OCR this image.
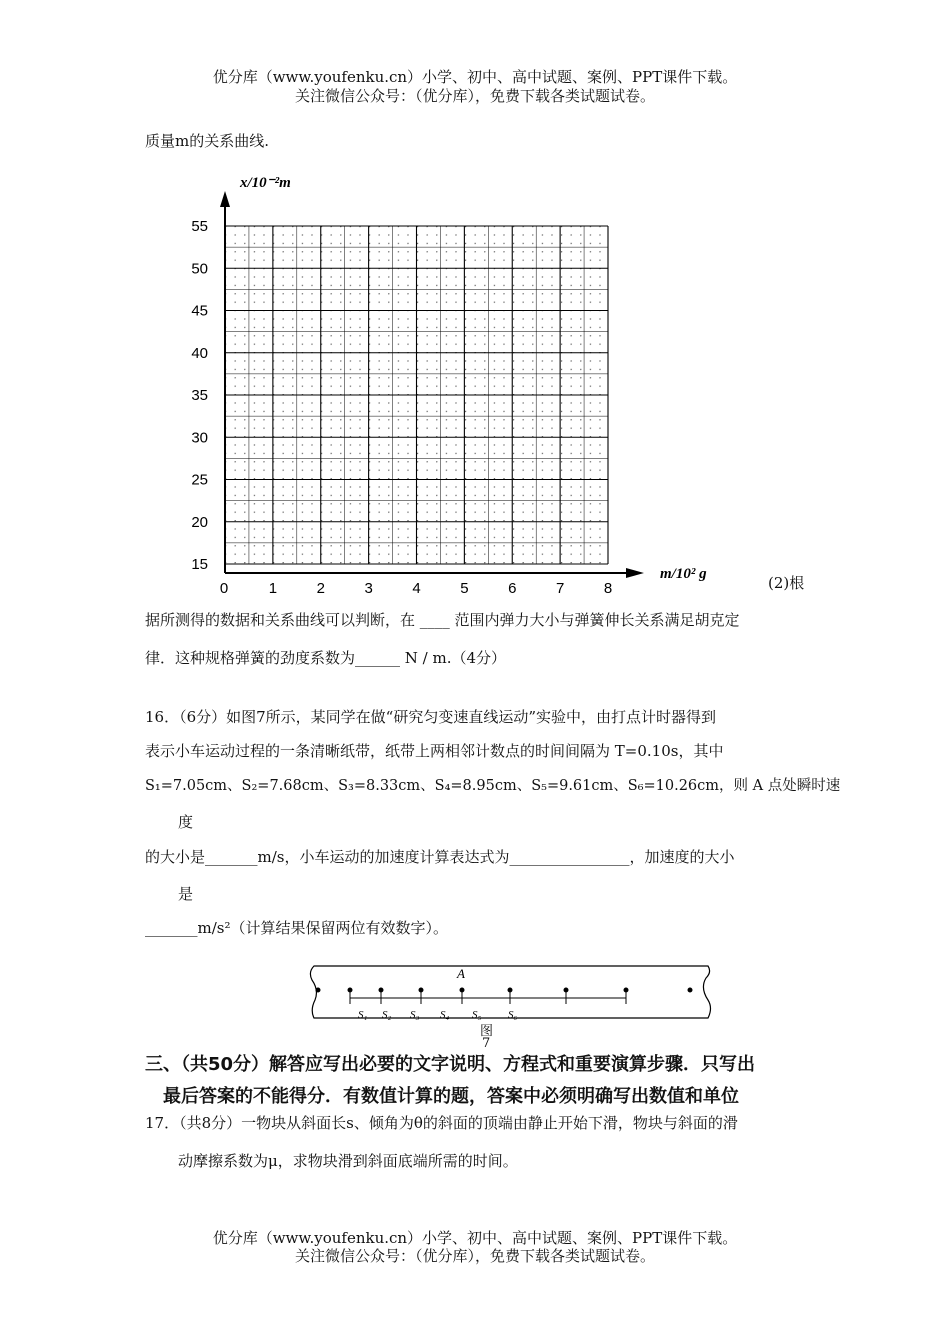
优分库（www.youfenku.cn）小学、初中、高中试题、案例、PPT课件下载。
关注微信公众号：（优分库），免费下载各类试题试卷。
质量m的关系曲线.
15
20
25
30
35
40
45
50
55
0	1	2	3	4	5	6	7	8
x/10⁻²m
m/10² g	(2)根
据所测得的数据和关系曲线可以判断，在 ____ 范围内弹力大小与弹簧伸长关系满足胡克定
律．这种规格弹簧的劲度系数为______ N / m.（4分）
16．（6分）如图7所示，某同学在做“研究匀变速直线运动”实验中，由打点计时器得到
表示小车运动过程的一条清晰纸带，纸带上两相邻计数点的时间间隔为 T=0.10s，其中
S₁=7.05cm、S₂=7.68cm、S₃=8.33cm、S₄=8.95cm、S₅=9.61cm、S₆=10.26cm，则 A 点处瞬时速
度
的大小是_______m/s，小车运动的加速度计算表达式为________________，加速度的大小
是
_______m/s²（计算结果保留两位有效数字）。
A
S₁ S₂ S₃ S₄ S₅ S₆
图
7
三、（共50分）解答应写出必要的文字说明、方程式和重要演算步骤．只写出
最后答案的不能得分．有数值计算的题，答案中必须明确写出数值和单位
17．（共8分）一物块从斜面长s、倾角为θ的斜面的顶端由静止开始下滑，物块与斜面的滑
动摩擦系数为μ，求物块滑到斜面底端所需的时间。
优分库（www.youfenku.cn）小学、初中、高中试题、案例、PPT课件下载。
关注微信公众号：（优分库），免费下载各类试题试卷。
